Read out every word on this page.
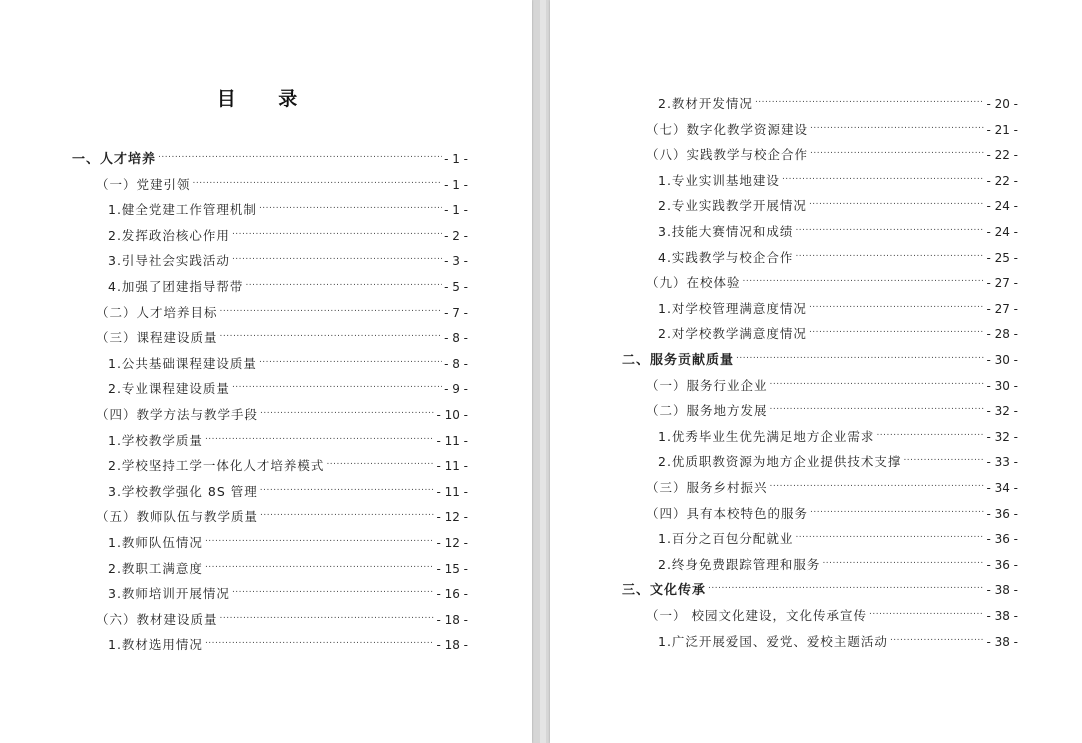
目 录
一、人才培养 .....	- 1 -
（一）党建引领 .....	- 1 -
1.健全党建工作管理机制 .....	- 1 -
2.发挥政治核心作用 .....	- 2 -
3.引导社会实践活动 .....	- 3 -
4.加强了团建指导帮带 .....	- 5 -
（二）人才培养目标 .....	- 7 -
（三）课程建设质量 .....	- 8 -
1.公共基础课程建设质量 .....	- 8 -
2.专业课程建设质量 .....	- 9 -
（四）教学方法与教学手段 .....	- 10 -
1.学校教学质量 .....	- 11 -
2.学校坚持工学一体化人才培养模式 .....	- 11 -
3.学校教学强化 8S 管理 .....	- 11 -
（五）教师队伍与教学质量 .....	- 12 -
1.教师队伍情况 .....	- 12 -
2.教职工满意度 .....	- 15 -
3.教师培训开展情况 .....	- 16 -
（六）教材建设质量 .....	- 18 -
1.教材选用情况 .....	- 18 -
2.教材开发情况 .....	- 20 -
（七）数字化教学资源建设 .....	- 21 -
（八）实践教学与校企合作 .....	- 22 -
1.专业实训基地建设 .....	- 22 -
2.专业实践教学开展情况 .....	- 24 -
3.技能大赛情况和成绩 .....	- 24 -
4.实践教学与校企合作 .....	- 25 -
（九）在校体验 .....	- 27 -
1.对学校管理满意度情况 .....	- 27 -
2.对学校教学满意度情况 .....	- 28 -
二、服务贡献质量 .....	- 30 -
（一）服务行业企业 .....	- 30 -
（二）服务地方发展 .....	- 32 -
1.优秀毕业生优先满足地方企业需求 .....	- 32 -
2.优质职教资源为地方企业提供技术支撑 .....	- 33 -
（三）服务乡村振兴 .....	- 34 -
（四）具有本校特色的服务 .....	- 36 -
1.百分之百包分配就业 .....	- 36 -
2.终身免费跟踪管理和服务 .....	- 36 -
三、文化传承 .....	- 38 -
（一） 校园文化建设，文化传承宣传 .....	- 38 -
1.广泛开展爱国、爱党、爱校主题活动 .....	- 38 -
